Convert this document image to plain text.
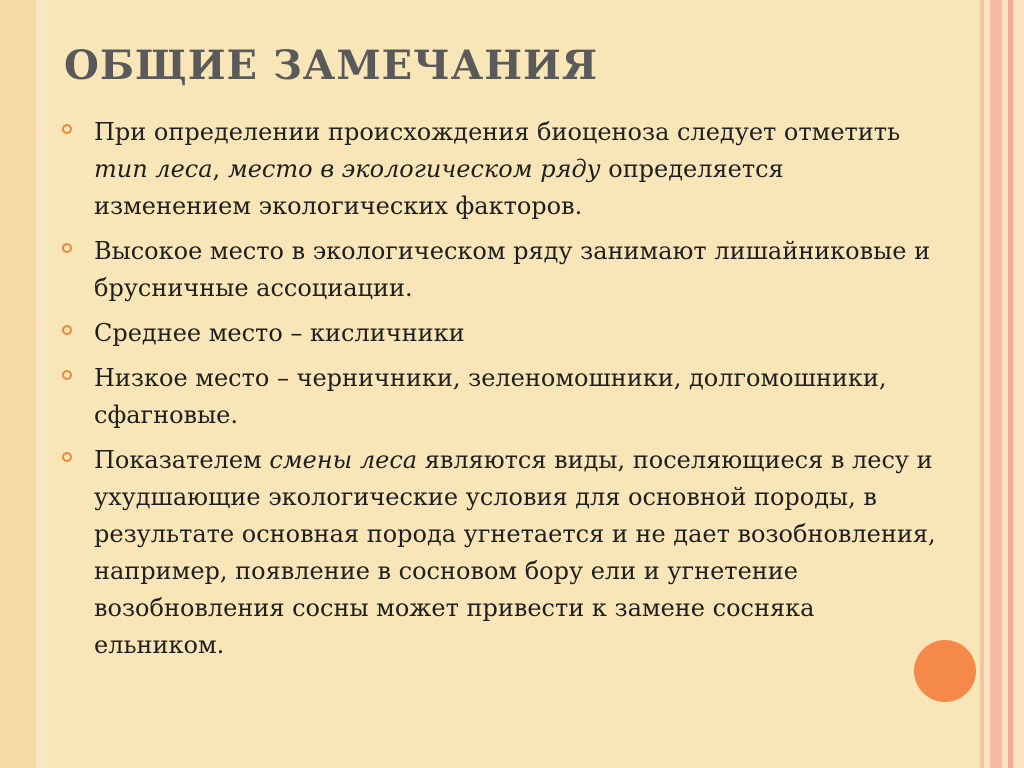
ОБЩИЕ ЗАМЕЧАНИЯ
При определении происхождения биоценоза следует отметить тип леса, место в экологическом ряду определяется изменением экологических факторов.
Высокое место в экологическом ряду занимают лишайниковые и брусничные ассоциации.
Среднее место – кисличники
Низкое место – черничники, зеленомошники, долгомошники, сфагновые.
Показателем смены леса являются виды, поселяющиеся в лесу и ухудшающие экологические условия для основной породы, в результате основная порода угнетается и не дает возобновления, например, появление в сосновом бору ели и угнетение возобновления сосны может привести к замене сосняка ельником.
